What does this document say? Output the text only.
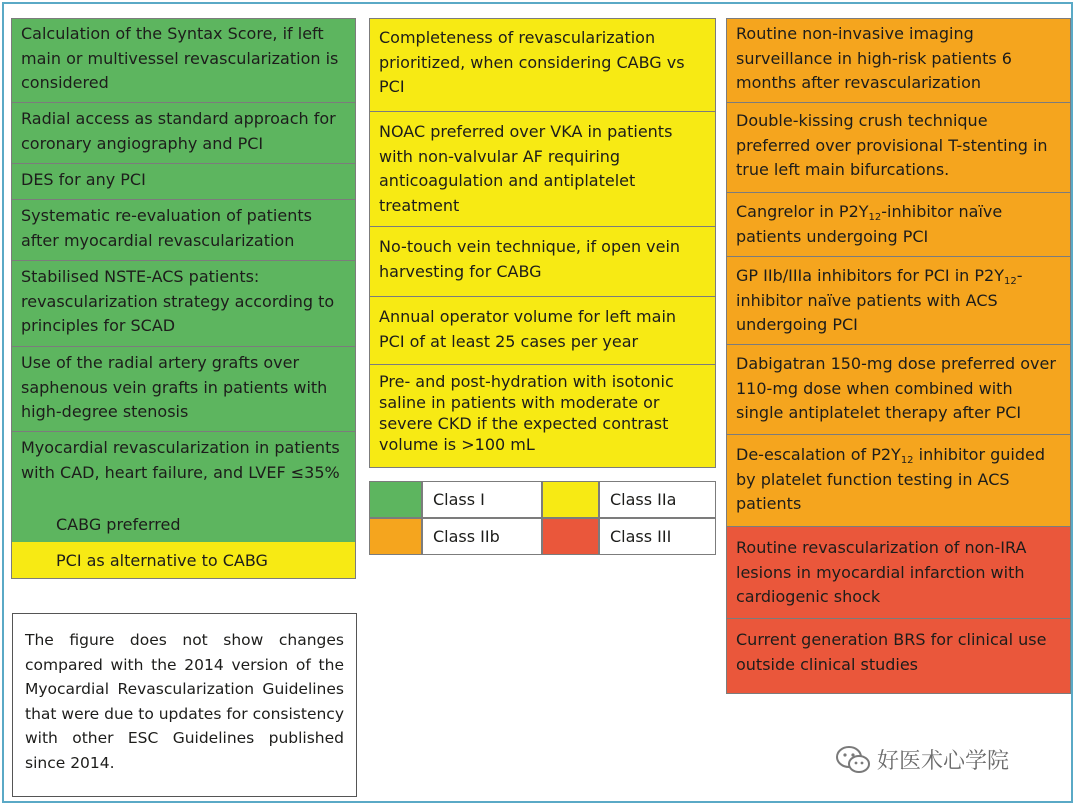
Calculation of the Syntax Score, if left main or multivessel revascularization is considered
Radial access as standard approach for coronary angiography and PCI
DES for any PCI
Systematic re-evaluation of patients after myocardial revascularization
Stabilised NSTE-ACS patients: revascularization strategy according to principles for SCAD
Use of the radial artery grafts over saphenous vein grafts in patients with high-degree stenosis
Myocardial revascularization in patients with CAD, heart failure, and LVEF ≤35%
CABG preferred
PCI as alternative to CABG
Completeness of revascularization prioritized, when considering CABG vs PCI
NOAC preferred over VKA in patients with non-valvular AF requiring anticoagulation and antiplatelet treatment
No-touch vein technique, if open vein harvesting for CABG
Annual operator volume for left main PCI of at least 25 cases per year
Pre- and post-hydration with isotonic saline in patients with moderate or severe CKD if the expected contrast volume is >100 mL
Class I	Class IIa
Class IIb	Class III
Routine non-invasive imaging surveillance in high-risk patients 6 months after revascularization
Double-kissing crush technique preferred over provisional T-stenting in true left main bifurcations.
Cangrelor in $P2Y_{12}$-inhibitor naïve patients undergoing PCI
GP IIb/IIIa inhibitors for PCI in $P2Y_{12}$-inhibitor naïve patients with ACS undergoing PCI
Dabigatran 150-mg dose preferred over 110-mg dose when combined with single antiplatelet therapy after PCI
De-escalation of $P2Y_{12}$ inhibitor guided by platelet function testing in ACS patients
Routine revascularization of non-IRA lesions in myocardial infarction with cardiogenic shock
Current generation BRS for clinical use outside clinical studies
The figure does not show changes compared with the 2014 version of the Myocardial Revascularization Guidelines that were due to updates for consistency with other ESC Guidelines published since 2014.	好医术心学院
